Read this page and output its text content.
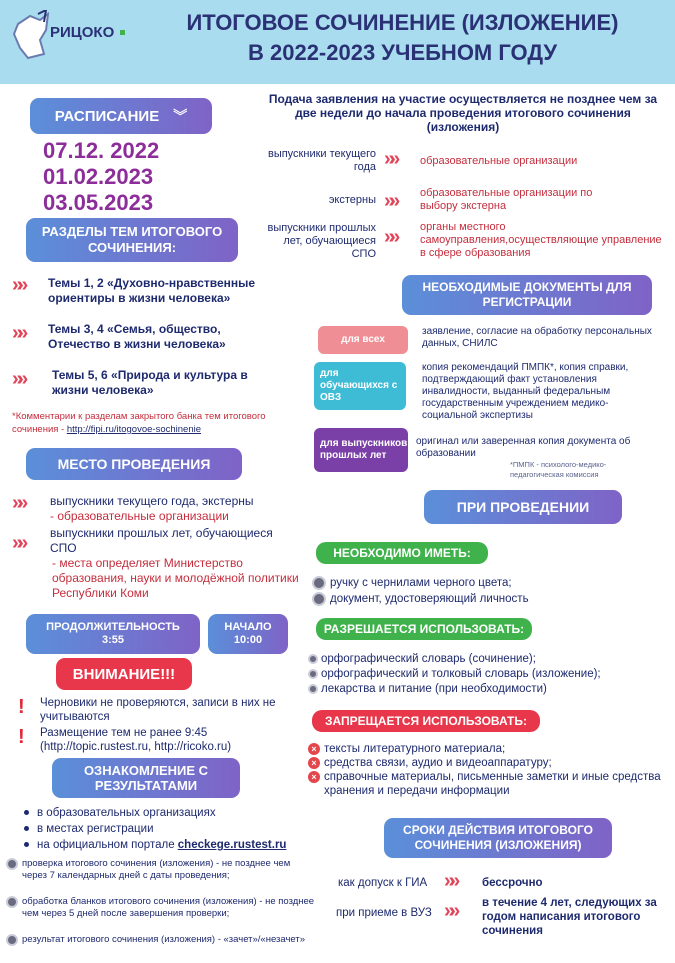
РИЦОКО	ИТОГОВОЕ СОЧИНЕНИЕ (ИЗЛОЖЕНИЕ)
В 2022-2023 УЧЕБНОМ ГОДУ
РАСПИСАНИЕ ︾
07.12. 2022
01.02.2023
03.05.2023
Подача заявления на участие осуществляется не позднее чем за две недели до начала проведения итогового сочинения (изложения)
выпускники текущего года »» образовательные организации
экстерны »» образовательные организации по выбору экстерна
выпускники прошлых лет, обучающиеся СПО
»» органы местного самоуправления,осуществляющие управление в сфере образования
РАЗДЕЛЫ ТЕМ ИТОГОВОГО СОЧИНЕНИЯ:
»» Темы 1, 2 «Духовно-нравственные ориентиры в жизни человека»
»» Темы 3, 4 «Семья, общество, Отечество в жизни человека»
»» Темы 5, 6 «Природа и культура в жизни человека»
*Комментарии к разделам закрытого банка тем итогового сочинения - http://fipi.ru/itogovoe-sochinenie
НЕОБХОДИМЫЕ ДОКУМЕНТЫ ДЛЯ РЕГИСТРАЦИИ
для всех
заявление, согласие на обработку персональных данных, СНИЛС
для обучающихся с ОВЗ
копия рекомендаций ПМПК*, копия справки, подтверждающий факт установления инвалидности, выданный федеральным государственным учреждением медико-социальной экспертизы
для выпускников прошлых лет
оригинал или заверенная копия документа об образовании
*ПМПК - психолого-медико-педагогическая комиссия
МЕСТО ПРОВЕДЕНИЯ
»» выпускники текущего года, экстерны
- образовательные организации
»» выпускники прошлых лет, обучающиеся СПО
- места определяет Министерство образования, науки и молодёжной политики Республики Коми
ПРИ ПРОВЕДЕНИИ
НЕОБХОДИМО ИМЕТЬ:
ручку с чернилами черного цвета;
документ, удостоверяющий личность
РАЗРЕШАЕТСЯ ИСПОЛЬЗОВАТЬ:
орфографический словарь (сочинение);
орфографический и толковый словарь (изложение);
лекарства и питание (при необходимости)
ЗАПРЕЩАЕТСЯ ИСПОЛЬЗОВАТЬ:
× тексты литературного материала;
× средства связи, аудио и видеоаппаратуру;
× справочные материалы, письменные заметки и иные средства хранения и передачи информации
ПРОДОЛЖИТЕЛЬНОСТЬ
3:55
НАЧАЛО
10:00
ВНИМАНИЕ!!!
! Черновики не проверяются, записи в них не учитываются
! Размещение тем не ранее 9:45
(http://topic.rustest.ru, http://ricoko.ru)
ОЗНАКОМЛЕНИЕ С РЕЗУЛЬТАТАМИ
в образовательных организациях
в местах регистрации
на официальном портале checkege.rustest.ru
проверка итогового сочинения (изложения) - не позднее чем через 7 календарных дней с даты проведения;
обработка бланков итогового сочинения (изложения) - не позднее чем через 5 дней после завершения проверки;
результат итогового сочинения (изложения) - «зачет»/«незачет»
СРОКИ ДЕЙСТВИЯ ИТОГОВОГО СОЧИНЕНИЯ (ИЗЛОЖЕНИЯ)
как допуск к ГИА »» бессрочно
при приеме в ВУЗ »» в течение 4 лет, следующих за годом написания итогового сочинения
